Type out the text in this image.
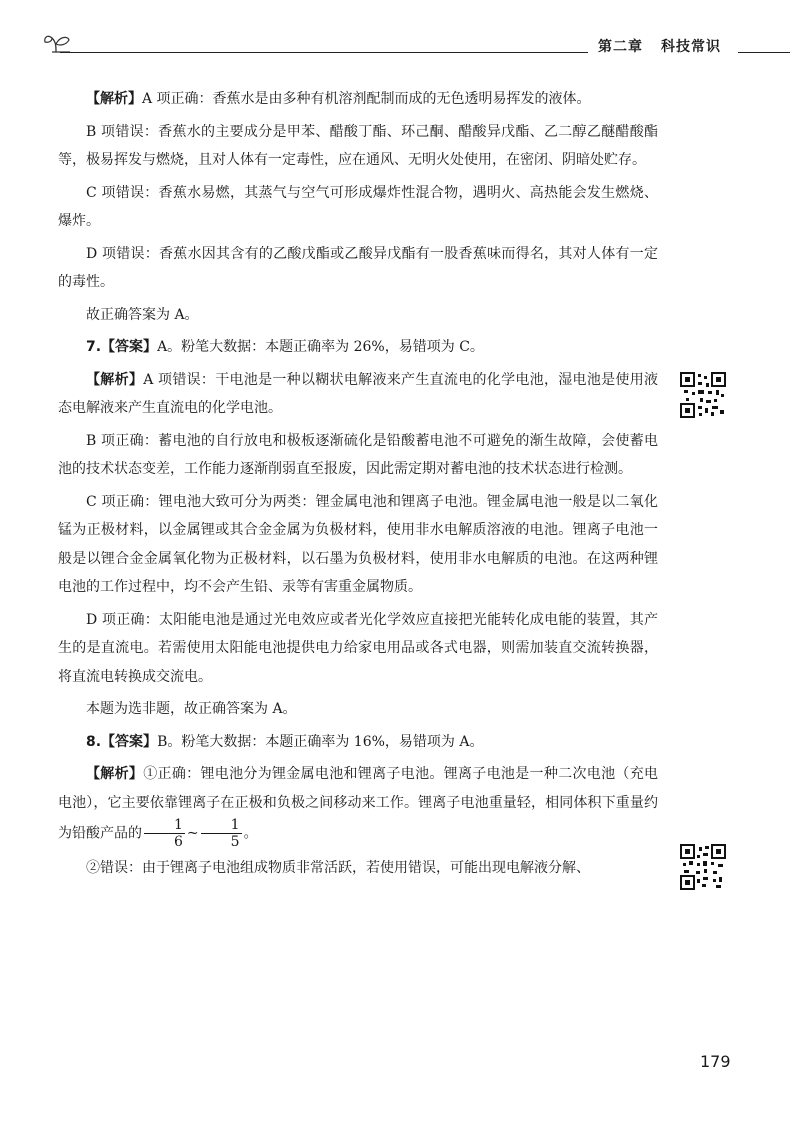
第二章 科技常识

【解析】A 项正确：香蕉水是由多种有机溶剂配制而成的无色透明易挥发的液体。

B 项错误：香蕉水的主要成分是甲苯、醋酸丁酯、环己酮、醋酸异戊酯、乙二醇乙醚醋酸酯等，极易挥发与燃烧，且对人体有一定毒性，应在通风、无明火处使用，在密闭、阴暗处贮存。

C 项错误：香蕉水易燃，其蒸气与空气可形成爆炸性混合物，遇明火、高热能会发生燃烧、爆炸。

D 项错误：香蕉水因其含有的乙酸戊酯或乙酸异戊酯有一股香蕉味而得名，其对人体有一定的毒性。

故正确答案为 A。

7.【答案】A。粉笔大数据：本题正确率为 26%，易错项为 C。

【解析】A 项错误：干电池是一种以糊状电解液来产生直流电的化学电池，湿电池是使用液态电解液来产生直流电的化学电池。

B 项正确：蓄电池的自行放电和极板逐渐硫化是铅酸蓄电池不可避免的渐生故障，会使蓄电池的技术状态变差，工作能力逐渐削弱直至报废，因此需定期对蓄电池的技术状态进行检测。

C 项正确：锂电池大致可分为两类：锂金属电池和锂离子电池。锂金属电池一般是以二氧化锰为正极材料，以金属锂或其合金金属为负极材料，使用非水电解质溶液的电池。锂离子电池一般是以锂合金金属氧化物为正极材料，以石墨为负极材料，使用非水电解质的电池。在这两种锂电池的工作过程中，均不会产生铅、汞等有害重金属物质。

D 项正确：太阳能电池是通过光电效应或者光化学效应直接把光能转化成电能的装置，其产生的是直流电。若需使用太阳能电池提供电力给家电用品或各式电器，则需加装直交流转换器，将直流电转换成交流电。

本题为选非题，故正确答案为 A。

8.【答案】B。粉笔大数据：本题正确率为 16%，易错项为 A。

【解析】①正确：锂电池分为锂金属电池和锂离子电池。锂离子电池是一种二次电池（充电电池），它主要依靠锂离子在正极和负极之间移动来工作。锂离子电池重量轻，相同体积下重量约为铅酸产品的 $\frac{1}{6}$ ~ $\frac{1}{5}$ 。

②错误：由于锂离子电池组成物质非常活跃，若使用错误，可能出现电解液分解、

179
